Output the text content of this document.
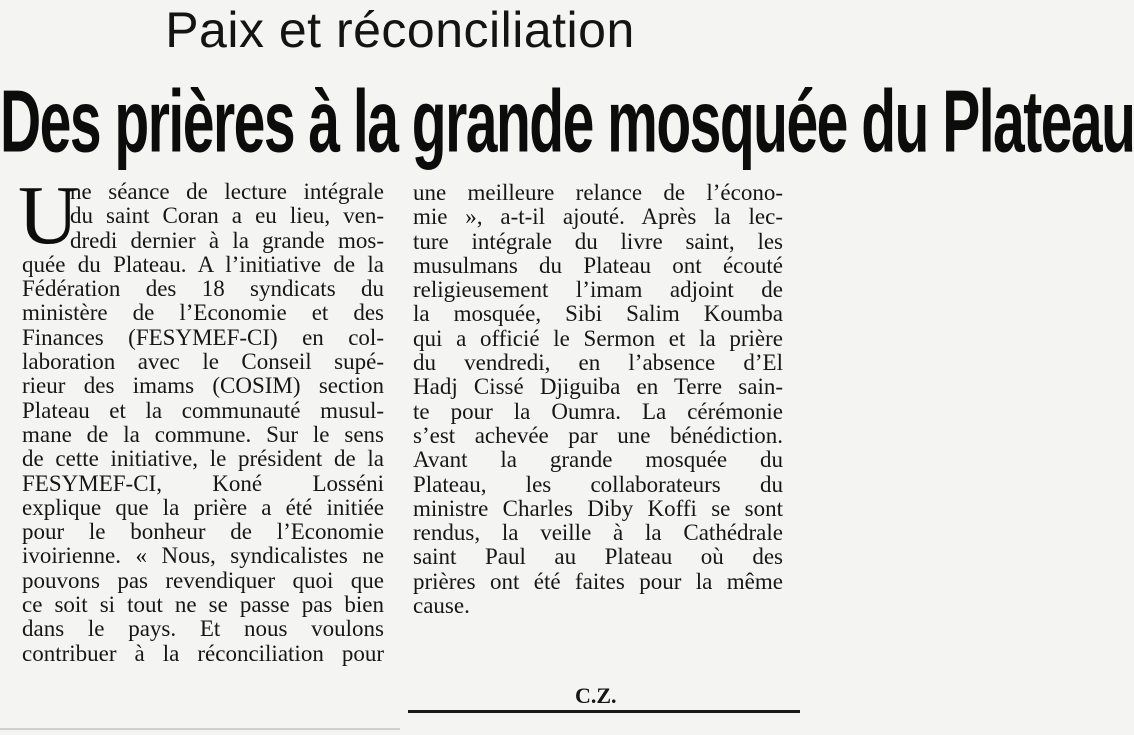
Paix et réconciliation
Des prières à la grande mosquée du Plateau
U
ne séance de lecture intégrale
du saint Coran a eu lieu, ven-
dredi dernier à la grande mos-
quée du Plateau. A l’initiative de la
Fédération des 18 syndicats du
ministère de l’Economie et des
Finances (FESYMEF-CI) en col-
laboration avec le Conseil supé-
rieur des imams (COSIM) section
Plateau et la communauté musul-
mane de la commune. Sur le sens
de cette initiative, le président de la
FESYMEF-CI, Koné Losséni
explique que la prière a été initiée
pour le bonheur de l’Economie
ivoirienne. « Nous, syndicalistes ne
pouvons pas revendiquer quoi que
ce soit si tout ne se passe pas bien
dans le pays. Et nous voulons
contribuer à la réconciliation pour
une meilleure relance de l’écono-
mie », a-t-il ajouté. Après la lec-
ture intégrale du livre saint, les
musulmans du Plateau ont écouté
religieusement l’imam adjoint de
la mosquée, Sibi Salim Koumba
qui a officié le Sermon et la prière
du vendredi, en l’absence d’El
Hadj Cissé Djiguiba en Terre sain-
te pour la Oumra. La cérémonie
s’est achevée par une bénédiction.
Avant la grande mosquée du
Plateau, les collaborateurs du
ministre Charles Diby Koffi se sont
rendus, la veille à la Cathédrale
saint Paul au Plateau où des
prières ont été faites pour la même
cause.
C.Z.
